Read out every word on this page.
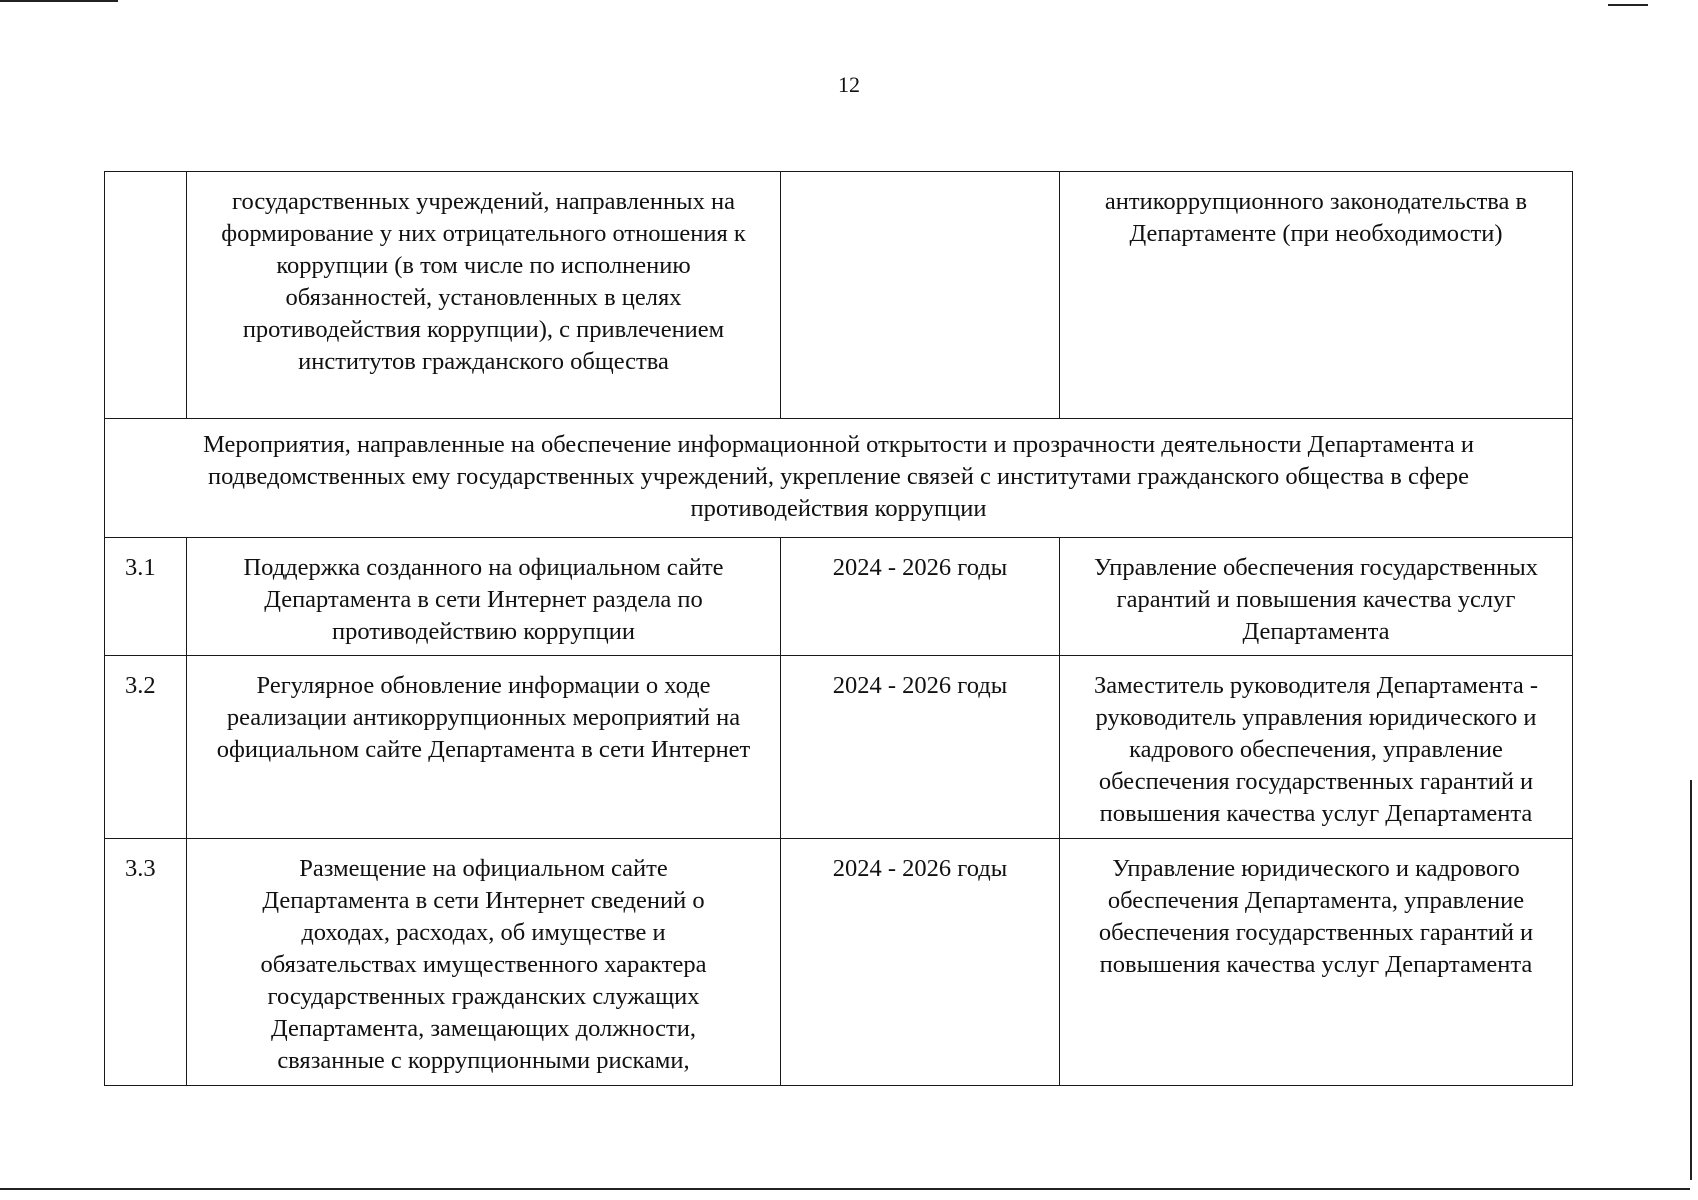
12

	государственных учреждений, направленных на формирование у них отрицательного отношения к коррупции (в том числе по исполнению обязанностей, установленных в целях противодействия коррупции), с привлечением институтов гражданского общества		антикоррупционного законодательства в Департаменте (при необходимости)

Мероприятия, направленные на обеспечение информационной открытости и прозрачности деятельности Департамента и подведомственных ему государственных учреждений, укрепление связей с институтами гражданского общества в сфере противодействия коррупции			
3.1	Поддержка созданного на официальном сайте Департамента в сети Интернет раздела по противодействию коррупции	2024 - 2026 годы	Управление обеспечения государственных гарантий и повышения качества услуг Департамента
3.2	Регулярное обновление информации о ходе реализации антикоррупционных мероприятий на официальном сайте Департамента в сети Интернет	2024 - 2026 годы	Заместитель руководителя Департамента - руководитель управления юридического и кадрового обеспечения, управление обеспечения государственных гарантий и повышения качества услуг Департамента
3.3	Размещение на официальном сайте Департамента в сети Интернет сведений о доходах, расходах, об имуществе и обязательствах имущественного характера государственных гражданских служащих Департамента, замещающих должности, связанные с коррупционными рисками,	2024 - 2026 годы	Управление юридического и кадрового обеспечения Департамента, управление обеспечения государственных гарантий и повышения качества услуг Департамента
